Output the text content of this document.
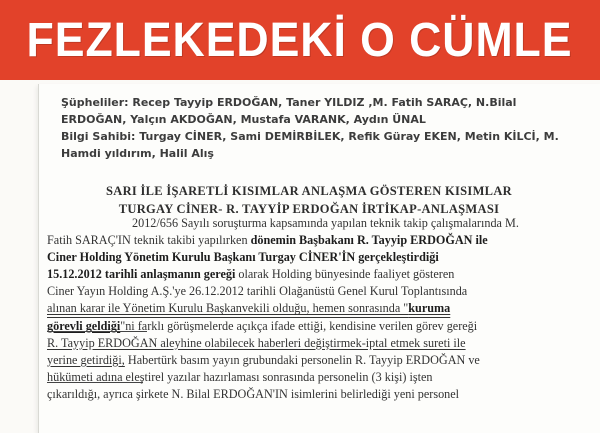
FEZLEKEDEKİ O CÜMLE

Şüpheliler: Recep Tayyip ERDOĞAN, Taner YILDIZ ,M. Fatih SARAÇ, N.Bilal

ERDOĞAN, Yalçın AKDOĞAN, Mustafa VARANK, Aydın ÜNAL

Bilgi Sahibi: Turgay CİNER, Sami DEMİRBİLEK, Refik Güray EKEN, Metin KİLCİ, M.

Hamdi yıldırım, Halil Alış

SARI İLE İŞARETLİ KISIMLAR ANLAŞMA GÖSTEREN KISIMLAR

TURGAY CİNER- R. TAYYİP ERDOĞAN İRTİKAP-ANLAŞMASI

2012/656 Sayılı soruşturma kapsamında yapılan teknik takip çalışmalarında M.
Fatih SARAÇ'IN teknik takibi yapılırken dönemin Başbakanı R. Tayyip ERDOĞAN ile
Ciner Holding Yönetim Kurulu Başkanı Turgay CİNER'İN gerçekleştirdiği
15.12.2012 tarihli anlaşmanın gereği olarak Holding bünyesinde faaliyet gösteren
Ciner Yayın Holding A.Ş.'ye 26.12.2012 tarihli Olağanüstü Genel Kurul Toplantısında
alınan karar ile Yönetim Kurulu Başkanvekili olduğu, hemen sonrasında "kuruma
görevli geldiği"ni farklı görüşmelerde açıkça ifade ettiği, kendisine verilen görev gereği
R. Tayyip ERDOĞAN aleyhine olabilecek haberleri değiştirmek-iptal etmek sureti ile
yerine getirdiği, Habertürk basım yayın grubundaki personelin R. Tayyip ERDOĞAN ve
hükümeti adına eleştirel yazılar hazırlaması sonrasında personelin (3 kişi) işten
çıkarıldığı, ayrıca şirkete N. Bilal ERDOĞAN'IN isimlerini belirlediği yeni personel
